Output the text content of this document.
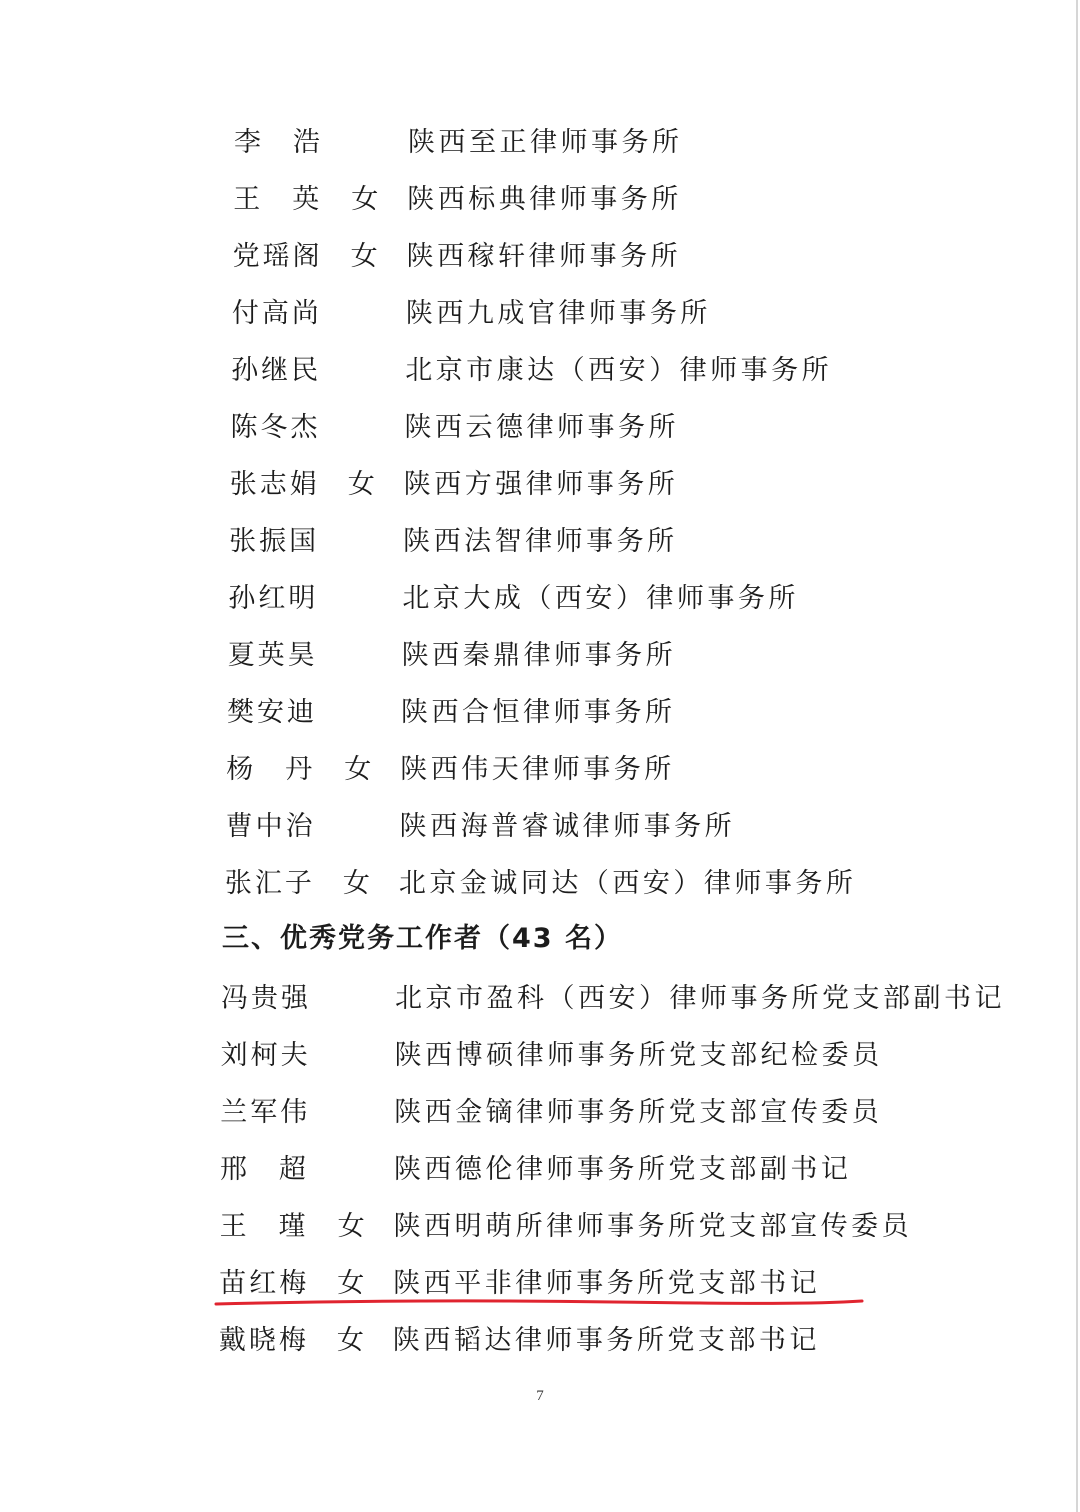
李浩 陕西至正律师事务所
王英 女 陕西标典律师事务所
党瑶阁 女 陕西稼轩律师事务所
付高尚	陕西九成官律师事务所
孙继民	北京市康达（西安）律师事务所
陈冬杰	陕西云德律师事务所
张志娟 女 陕西方强律师事务所
张振国	陕西法智律师事务所
孙红明	北京大成（西安）律师事务所
夏英昊	陕西秦鼎律师事务所
樊安迪	陕西合恒律师事务所
杨丹 女 陕西伟天律师事务所
曹中治	陕西海普睿诚律师事务所
张汇子 女 北京金诚同达（西安）律师事务所
三、优秀党务工作者（43 名）
冯贵强	北京市盈科（西安）律师事务所党支部副书记
刘柯夫	陕西博硕律师事务所党支部纪检委员
兰军伟	陕西金镝律师事务所党支部宣传委员
邢超 陕西德伦律师事务所党支部副书记
王瑾 女 陕西明萌所律师事务所党支部宣传委员
苗红梅 女 陕西平非律师事务所党支部书记
戴晓梅 女 陕西韬达律师事务所党支部书记
7
